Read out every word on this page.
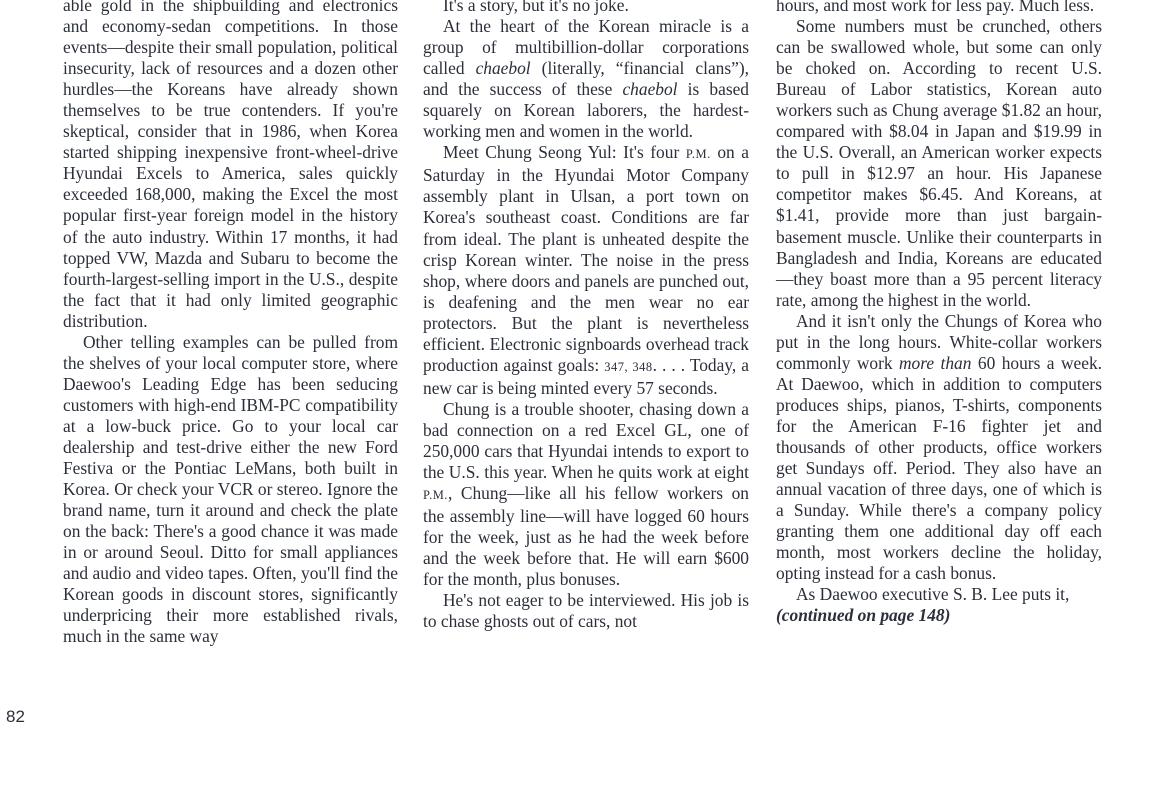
able gold in the shipbuilding and electronics and economy-sedan competitions. In those events—despite their small population, political insecurity, lack of resources and a dozen other hurdles—the Koreans have already shown themselves to be true contenders. If you're skeptical, consider that in 1986, when Korea started shipping inexpensive front-wheel-drive Hyundai Excels to America, sales quickly exceeded 168,000, making the Excel the most popular first-year foreign model in the history of the auto industry. Within 17 months, it had topped VW, Mazda and Subaru to become the fourth-largest-selling import in the U.S., despite the fact that it had only limited geographic distribution.

Other telling examples can be pulled from the shelves of your local computer store, where Daewoo's Leading Edge has been seducing customers with high-end IBM-PC compatibility at a low-buck price. Go to your local car dealership and test-drive either the new Ford Festiva or the Pontiac LeMans, both built in Korea. Or check your VCR or stereo. Ignore the brand name, turn it around and check the plate on the back: There's a good chance it was made in or around Seoul. Ditto for small appliances and audio and video tapes. Often, you'll find the Korean goods in discount stores, significantly underpricing their more established rivals, much in the same way

It's a story, but it's no joke.

At the heart of the Korean miracle is a group of multibillion-dollar corporations called chaebol (literally, “financial clans”), and the success of these chaebol is based squarely on Korean laborers, the hardest-working men and women in the world.

Meet Chung Seong Yul: It's four P.M. on a Saturday in the Hyundai Motor Company assembly plant in Ulsan, a port town on Korea's southeast coast. Conditions are far from ideal. The plant is unheated despite the crisp Korean winter. The noise in the press shop, where doors and panels are punched out, is deafening and the men wear no ear protectors. But the plant is nevertheless efficient. Electronic signboards overhead track production against goals: 347, 348. . . . Today, a new car is being minted every 57 seconds.

Chung is a trouble shooter, chasing down a bad connection on a red Excel GL, one of 250,000 cars that Hyundai intends to export to the U.S. this year. When he quits work at eight P.M., Chung—like all his fellow workers on the assembly line—will have logged 60 hours for the week, just as he had the week before and the week before that. He will earn $600 for the month, plus bonuses.

He's not eager to be interviewed. His job is to chase ghosts out of cars, not

hours, and most work for less pay. Much less.

Some numbers must be crunched, others can be swallowed whole, but some can only be choked on. According to recent U.S. Bureau of Labor statistics, Korean auto workers such as Chung average $1.82 an hour, compared with $8.04 in Japan and $19.99 in the U.S. Overall, an American worker expects to pull in $12.97 an hour. His Japanese competitor makes $6.45. And Koreans, at $1.41, provide more than just bargain-basement muscle. Unlike their counterparts in Bangladesh and India, Koreans are educated—they boast more than a 95 percent literacy rate, among the highest in the world.

And it isn't only the Chungs of Korea who put in the long hours. White-collar workers commonly work more than 60 hours a week. At Daewoo, which in addition to computers produces ships, pianos, T-shirts, components for the American F-16 fighter jet and thousands of other products, office workers get Sundays off. Period. They also have an annual vacation of three days, one of which is a Sunday. While there's a company policy granting them one additional day off each month, most workers decline the holiday, opting instead for a cash bonus.

As Daewoo executive S. B. Lee puts it,

(continued on page 148)

82
